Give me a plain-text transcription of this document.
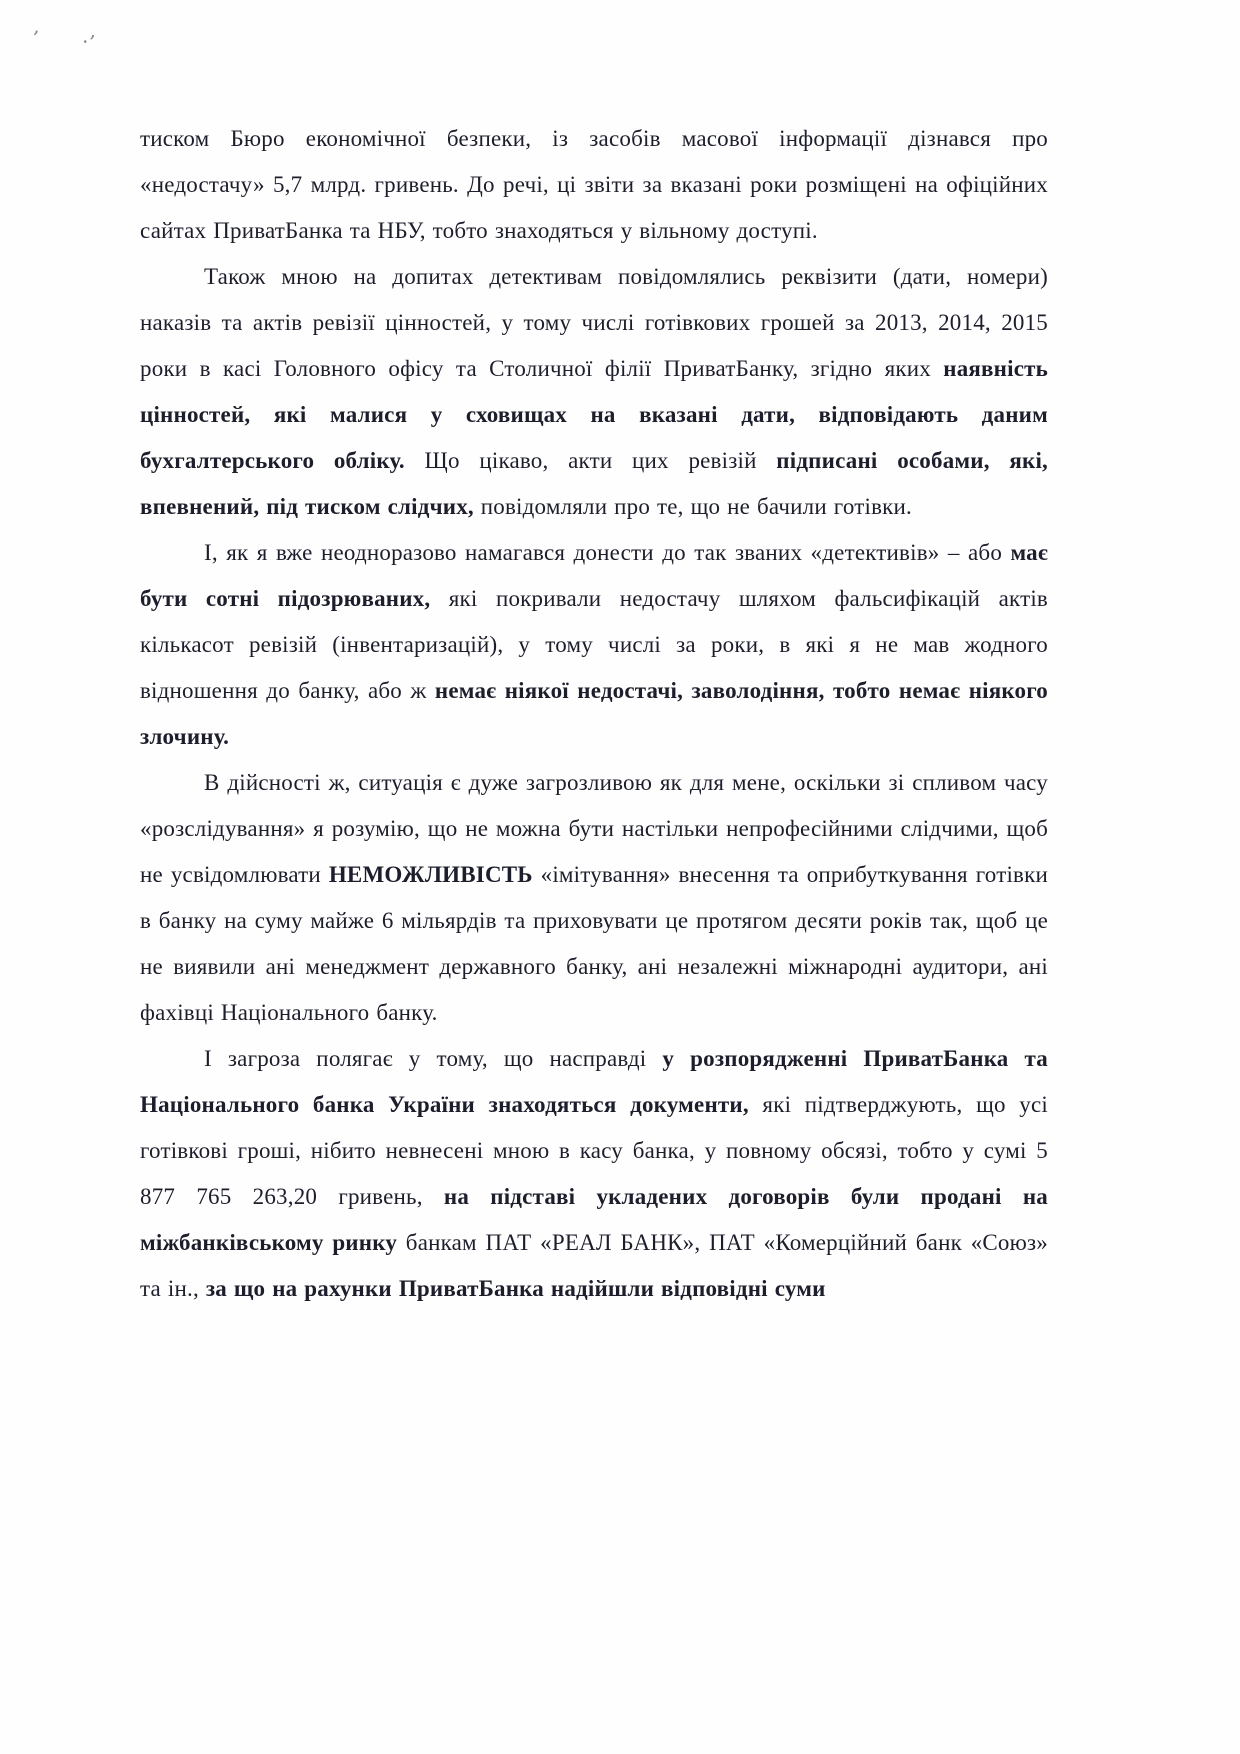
’ ·’

тиском Бюро економічної безпеки, із засобів масової інформації дізнався про «недостачу» 5,7 млрд. гривень. До речі, ці звіти за вказані роки розміщені на офіційних сайтах ПриватБанка та НБУ, тобто знаходяться у вільному доступі.

Також мною на допитах детективам повідомлялись реквізити (дати, номери) наказів та актів ревізії цінностей, у тому числі готівкових грошей за 2013, 2014, 2015 роки в касі Головного офісу та Столичної філії ПриватБанку, згідно яких наявність цінностей, які малися у сховищах на вказані дати, відповідають даним бухгалтерського обліку. Що цікаво, акти цих ревізій підписані особами, які, впевнений, під тиском слідчих, повідомляли про те, що не бачили готівки.

І, як я вже неодноразово намагався донести до так званих «детективів» – або має бути сотні підозрюваних, які покривали недостачу шляхом фальсифікацій актів кількасот ревізій (інвентаризацій), у тому числі за роки, в які я не мав жодного відношення до банку, або ж немає ніякої недостачі, заволодіння, тобто немає ніякого злочину.

В дійсності ж, ситуація є дуже загрозливою як для мене, оскільки зі спливом часу «розслідування» я розумію, що не можна бути настільки непрофесійними слідчими, щоб не усвідомлювати НЕМОЖЛИВІСТЬ «імітування» внесення та оприбуткування готівки в банку на суму майже 6 мільярдів та приховувати це протягом десяти років так, щоб це не виявили ані менеджмент державного банку, ані незалежні міжнародні аудитори, ані фахівці Національного банку.

І загроза полягає у тому, що насправді у розпорядженні ПриватБанка та Національного банка України знаходяться документи, які підтверджують, що усі готівкові гроші, нібито невнесені мною в касу банка, у повному обсязі, тобто у сумі 5 877 765 263,20 гривень, на підставі укладених договорів були продані на міжбанківському ринку банкам ПАТ «РЕАЛ БАНК», ПАТ «Комерційний банк «Союз» та ін., за що на рахунки ПриватБанка надійшли відповідні суми
